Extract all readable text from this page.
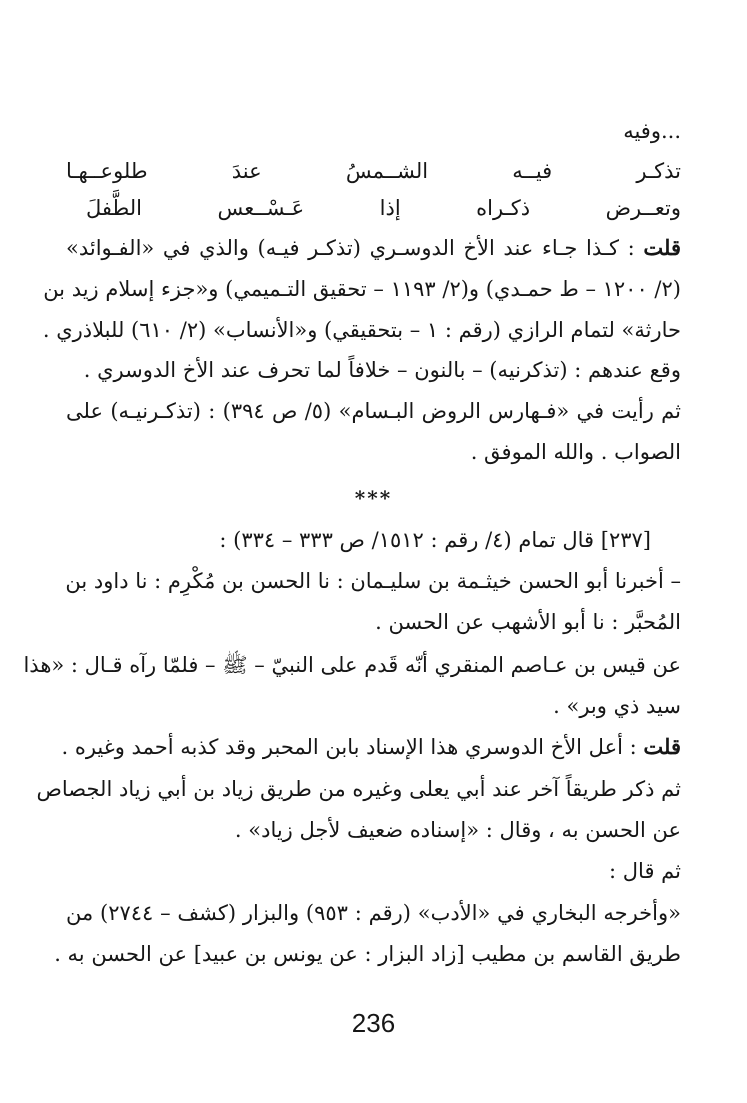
...وفيه
تذكـر فيــه الشــمسُ عندَ طلوعــهـا
وتعــرض ذكـراه إذا عَـسْــعس الطَّفلَ
قلت : كـذا جـاء عند الأخ الدوسـري (تذكـر فيـه) والذي في «الفـوائد»
(٢/ ١٢٠٠ – ط حمـدي) و(٢/ ١١٩٣ – تحقيق التـميمي) و«جزء إسلام زيد بن
حارثة» لتمام الرازي (رقم : ١ – بتحقيقي) و«الأنساب» (٢/ ٦١٠) للبلاذري .
وقع عندهم : (تذكرنيه) – بالنون – خلافاً لما تحرف عند الأخ الدوسري .
ثم رأيت في «فـهارس الروض البـسام» (٥/ ص ٣٩٤) : (تذكـرنيـه) على
الصواب . والله الموفق .
***
[٢٣٧] قال تمام (٤/ رقم : ١٥١٢/ ص ٣٣٣ – ٣٣٤) :
– أخبرنا أبو الحسن خيثـمة بن سليـمان : نا الحسن بن مُكْرِم : نا داود بن
المُحبَّر : نا أبو الأشهب عن الحسن .
عن قيس بن عـاصم المنقري أنّه قَدم على النبيّ – ﷺ – فلمّا رآه قـال : «هذا
سيد ذي وبر» .
قلت : أعل الأخ الدوسري هذا الإسناد بابن المحبر وقد كذبه أحمد وغيره .
ثم ذكر طريقاً آخر عند أبي يعلى وغيره من طريق زياد بن أبي زياد الجصاص
عن الحسن به ، وقال : «إسناده ضعيف لأجل زياد» .
ثم قال :
«وأخرجه البخاري في «الأدب» (رقم : ٩٥٣) والبزار (كشف – ٢٧٤٤) من
طريق القاسم بن مطيب [زاد البزار : عن يونس بن عبيد] عن الحسن به .
236
